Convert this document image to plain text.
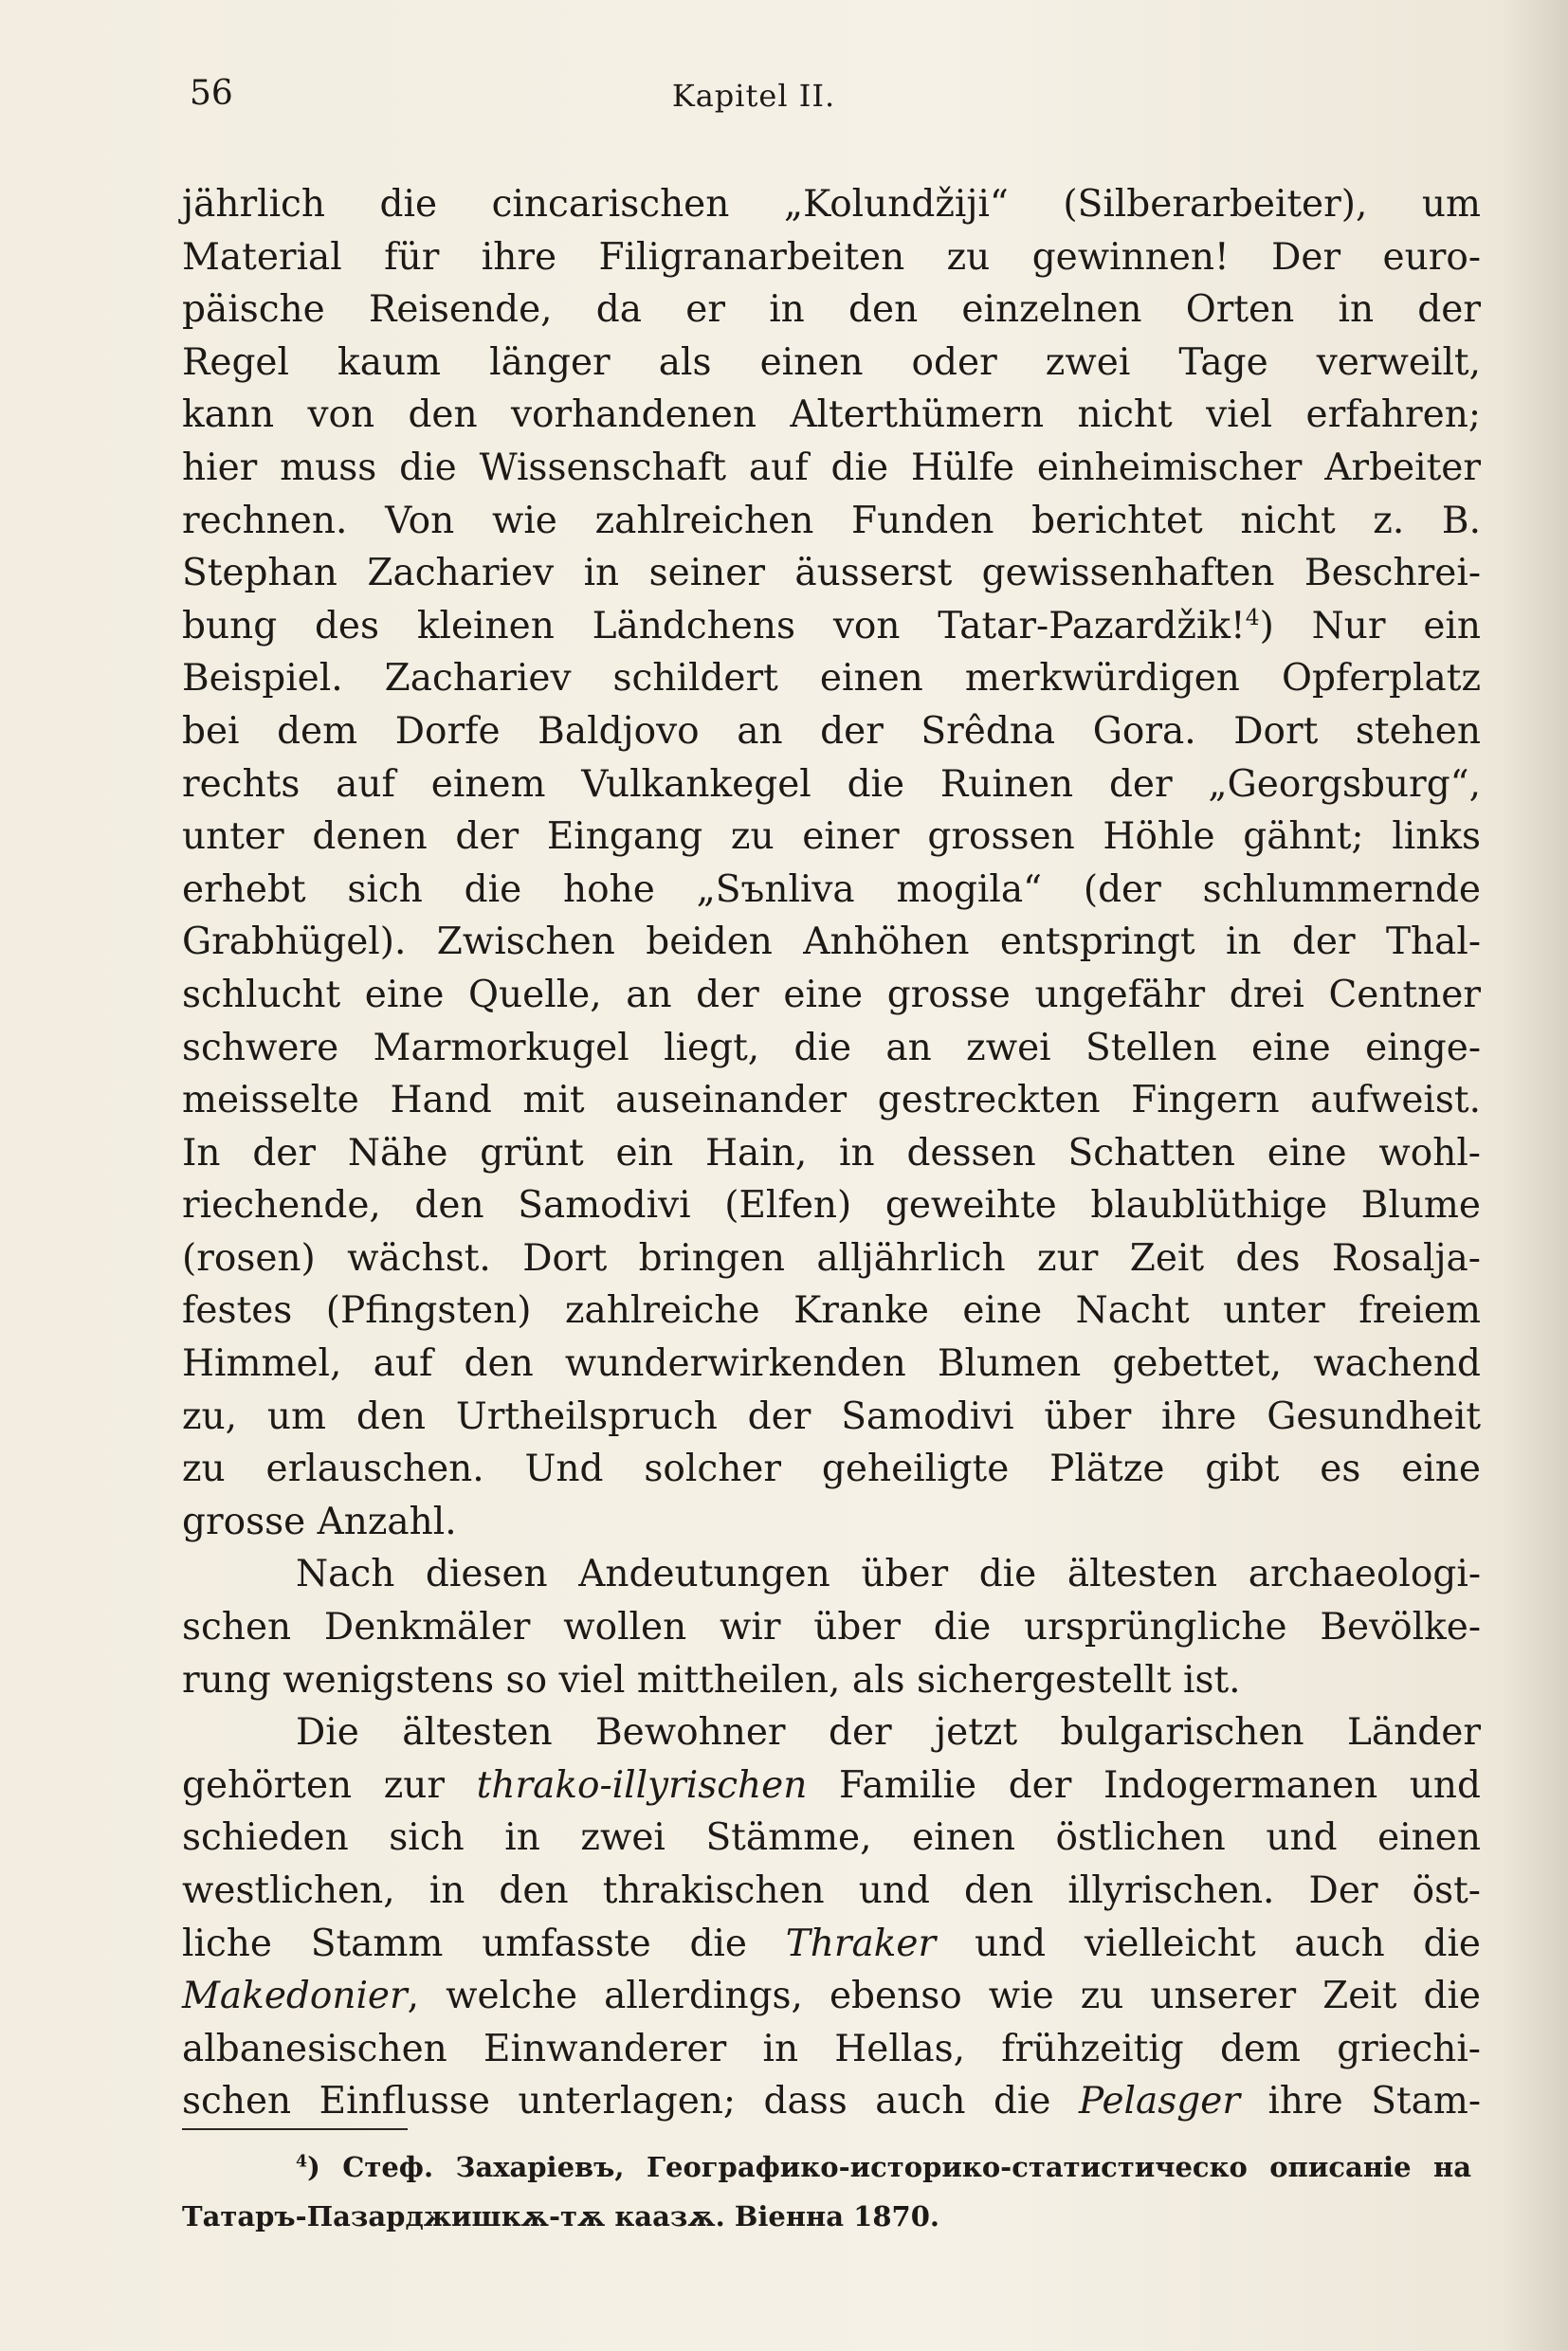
56	Kapitel II.
jährlich die cincarischen „Kolundžiji“ (Silberarbeiter), um
Material für ihre Filigranarbeiten zu gewinnen! Der euro-
päische Reisende, da er in den einzelnen Orten in der
Regel kaum länger als einen oder zwei Tage verweilt,
kann von den vorhandenen Alterthümern nicht viel erfahren;
hier muss die Wissenschaft auf die Hülfe einheimischer Arbeiter
rechnen. Von wie zahlreichen Funden berichtet nicht z. B.
Stephan Zachariev in seiner äusserst gewissenhaften Beschrei-
bung des kleinen Ländchens von Tatar-Pazardžik!$^4$) Nur ein
Beispiel. Zachariev schildert einen merkwürdigen Opferplatz
bei dem Dorfe Baldjovo an der Srêdna Gora. Dort stehen
rechts auf einem Vulkankegel die Ruinen der „Georgsburg“,
unter denen der Eingang zu einer grossen Höhle gähnt; links
erhebt sich die hohe „Sъnliva mogila“ (der schlummernde
Grabhügel). Zwischen beiden Anhöhen entspringt in der Thal-
schlucht eine Quelle, an der eine grosse ungefähr drei Centner
schwere Marmorkugel liegt, die an zwei Stellen eine einge-
meisselte Hand mit auseinander gestreckten Fingern aufweist.
In der Nähe grünt ein Hain, in dessen Schatten eine wohl-
riechende, den Samodivi (Elfen) geweihte blaublüthige Blume
(rosen) wächst. Dort bringen alljährlich zur Zeit des Rosalja-
festes (Pfingsten) zahlreiche Kranke eine Nacht unter freiem
Himmel, auf den wunderwirkenden Blumen gebettet, wachend
zu, um den Urtheilspruch der Samodivi über ihre Gesundheit
zu erlauschen. Und solcher geheiligte Plätze gibt es eine
grosse Anzahl.
Nach diesen Andeutungen über die ältesten archaeologi-
schen Denkmäler wollen wir über die ursprüngliche Bevölke-
rung wenigstens so viel mittheilen, als sichergestellt ist.
Die ältesten Bewohner der jetzt bulgarischen Länder
gehörten zur thrako-illyrischen Familie der Indogermanen und
schieden sich in zwei Stämme, einen östlichen und einen
westlichen, in den thrakischen und den illyrischen. Der öst-
liche Stamm umfasste die Thraker und vielleicht auch die
Makedonier, welche allerdings, ebenso wie zu unserer Zeit die
albanesischen Einwanderer in Hellas, frühzeitig dem griechi-
schen Einflusse unterlagen; dass auch die Pelasger ihre Stam-
$^4$) Стеф. Захаріевъ, Географико-историко-статистическо описаніе на
Татаръ-Пазарджишкѫ-тѫ каазѫ. Віенна 1870.
